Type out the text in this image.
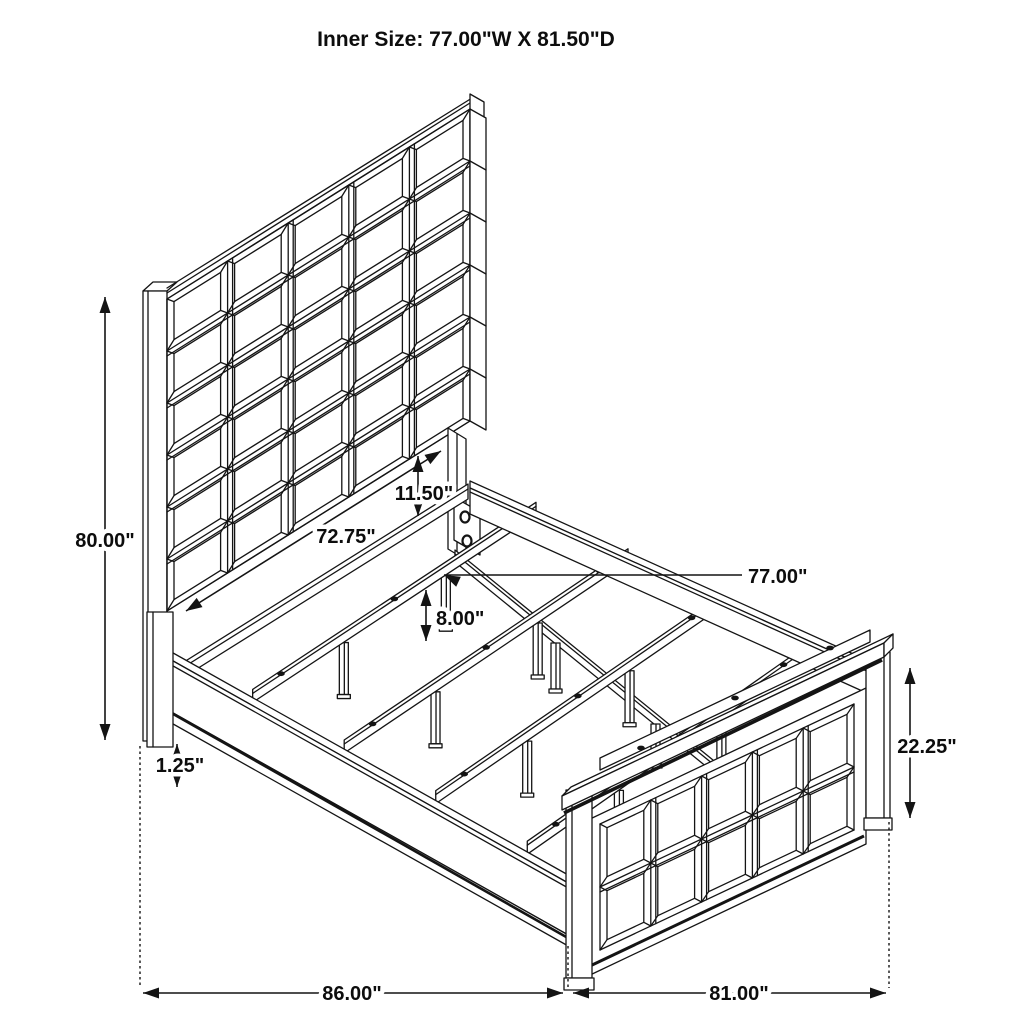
80.00"
11.50"
72.75"
77.00"
8.00"
1.25"
22.25"
86.00"	81.00"
Inner Size: 77.00"W X 81.50"D
